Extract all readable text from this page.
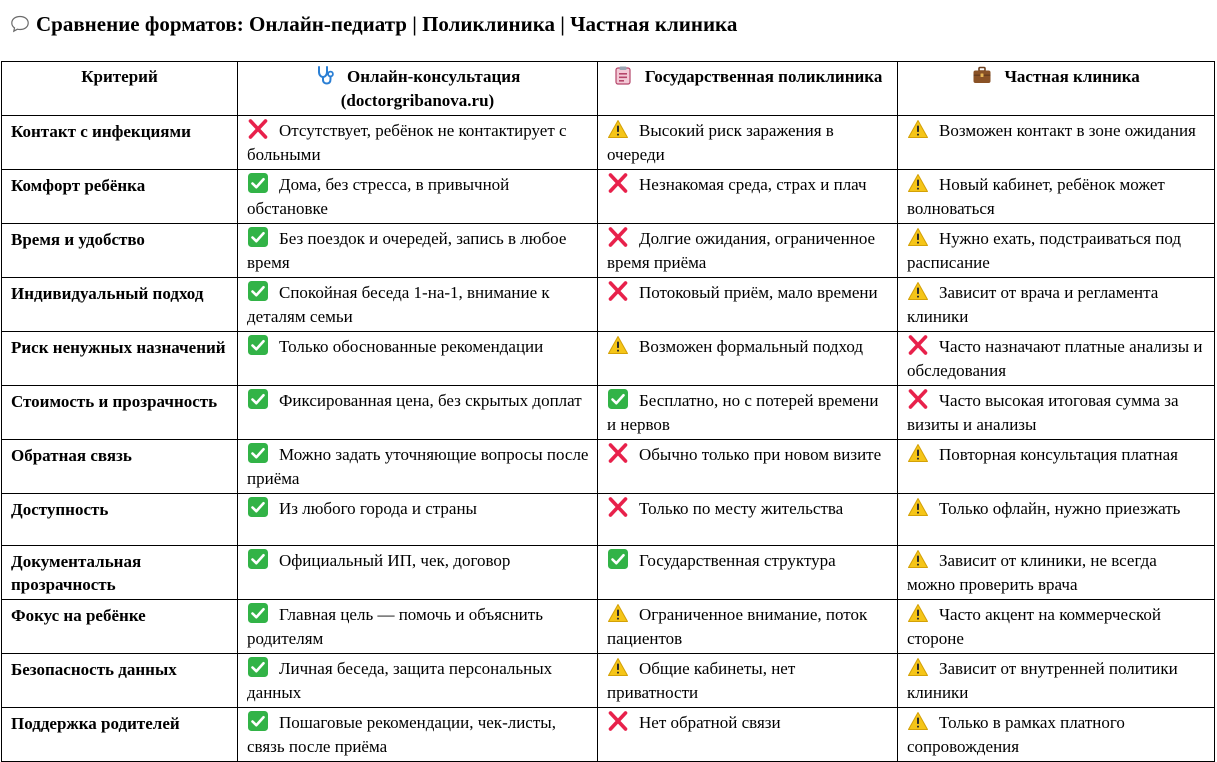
Сравнение форматов: Онлайн-педиатр | Поликлиника | Частная клиника
Критерий	Онлайн-консультация (doctorgribanova.ru)	Государственная поликлиника	Частная клиника
Контакт с инфекциями	Отсутствует, ребёнок не контактирует с больными	Высокий риск заражения в очереди	Возможен контакт в зоне ожидания
Комфорт ребёнка	Дома, без стресса, в привычной обстановке	Незнакомая среда, страх и плач	Новый кабинет, ребёнок может волноваться
Время и удобство	Без поездок и очередей, запись в любое время	Долгие ожидания, ограниченное время приёма	Нужно ехать, подстраиваться под расписание
Индивидуальный подход	Спокойная беседа 1-на-1, внимание к деталям семьи	Потоковый приём, мало времени	Зависит от врача и регламента клиники
Риск ненужных назначений	Только обоснованные рекомендации	Возможен формальный подход	Часто назначают платные анализы и обследования
Стоимость и прозрачность	Фиксированная цена, без скрытых доплат	Бесплатно, но с потерей времени и нервов	Часто высокая итоговая сумма за визиты и анализы
Обратная связь	Можно задать уточняющие вопросы после приёма	Обычно только при новом визите	Повторная консультация платная
Доступность	Из любого города и страны	Только по месту жительства	Только офлайн, нужно приезжать
Документальная прозрачность	Официальный ИП, чек, договор	Государственная структура	Зависит от клиники, не всегда можно проверить врача
Фокус на ребёнке	Главная цель — помочь и объяснить родителям	Ограниченное внимание, поток пациентов	Часто акцент на коммерческой стороне
Безопасность данных	Личная беседа, защита персональных данных	Общие кабинеты, нет приватности	Зависит от внутренней политики клиники
Поддержка родителей	Пошаговые рекомендации, чек-листы, связь после приёма	Нет обратной связи	Только в рамках платного сопровождения
